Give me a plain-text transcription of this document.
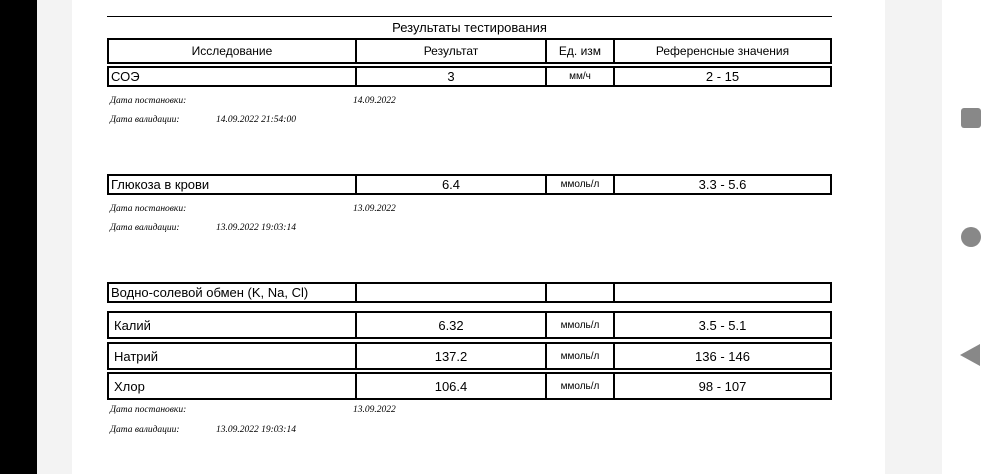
Результаты тестирования
Исследование	Результат	Ед. изм	Референсные значения
СОЭ	3	мм/ч	2 - 15
Дата постановки:	14.09.2022
Дата валидации:	14.09.2022 21:54:00
Глюкоза в крови	6.4	ммоль/л	3.3 - 5.6
Дата постановки:	13.09.2022
Дата валидации:	13.09.2022 19:03:14
Водно-солевой обмен (K, Na, Cl)
Калий	6.32	ммоль/л	3.5 - 5.1
Натрий	137.2	ммоль/л	136 - 146
Хлор	106.4	ммоль/л	98 - 107
Дата постановки:	13.09.2022
Дата валидации:	13.09.2022 19:03:14
